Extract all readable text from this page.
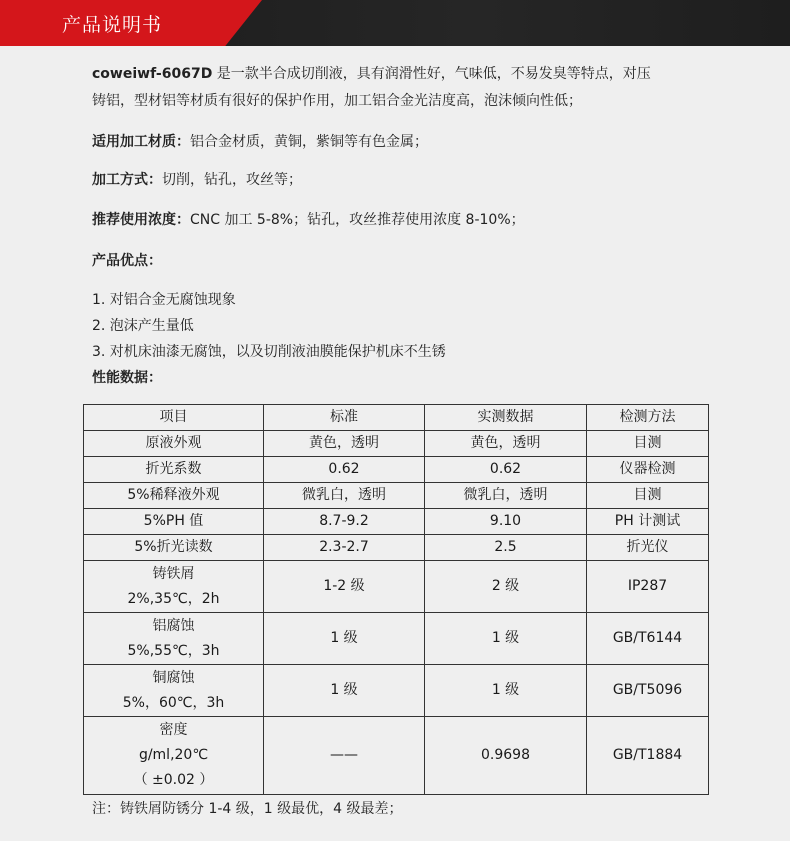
产品说明书
coweiwf-6067D 是一款半合成切削液，具有润滑性好，气味低，不易发臭等特点，对压
铸铝，型材铝等材质有很好的保护作用，加工铝合金光洁度高，泡沫倾向性低；
适用加工材质：铝合金材质，黄铜，紫铜等有色金属；
加工方式：切削，钻孔，攻丝等；
推荐使用浓度：CNC 加工 5-8%；钻孔，攻丝推荐使用浓度 8-10%；
产品优点：
1. 对铝合金无腐蚀现象
2. 泡沫产生量低
3. 对机床油漆无腐蚀，以及切削液油膜能保护机床不生锈
性能数据：
项目	标准	实测数据	检测方法

原液外观	黄色，透明	黄色，透明	目测

折光系数	0.62	0.62	仪器检测

5%稀释液外观	微乳白，透明	微乳白，透明	目测

5%PH 值	8.7-9.2	9.10	PH 计测试

5%折光读数	2.3-2.7	2.5	折光仪

铸铁屑
2%,35℃，2h	1-2 级	2 级	IP287

铝腐蚀
5%,55℃，3h	1 级	1 级	GB/T6144

铜腐蚀
5%，60℃，3h	1 级	1 级	GB/T5096

密度
g/ml,20℃
（ ±0.02 ）	——	0.9698	GB/T1884
注：铸铁屑防锈分 1-4 级，1 级最优，4 级最差；
